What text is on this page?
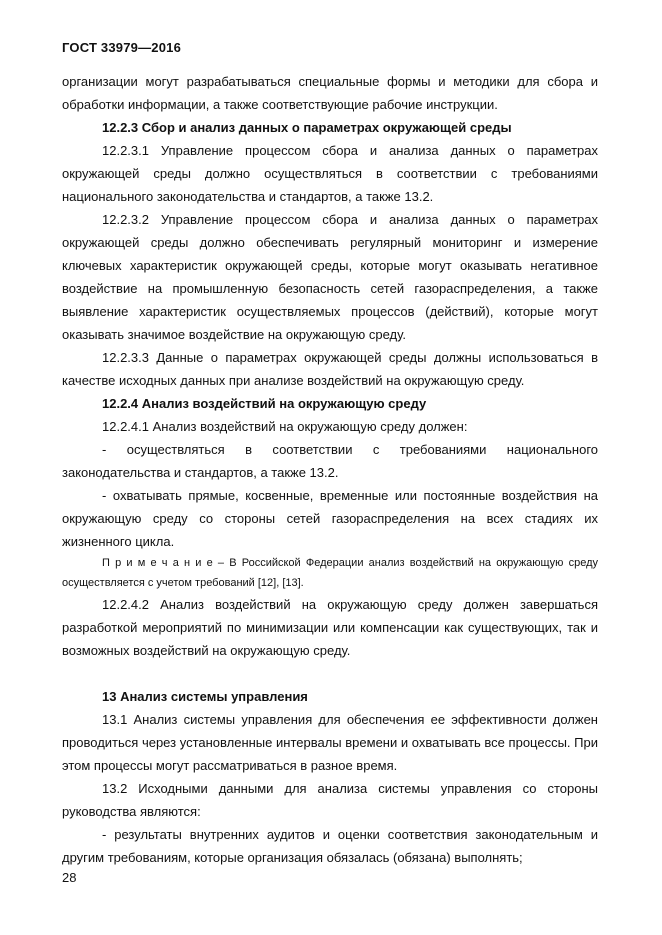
ГОСТ 33979—2016

организации могут разрабатываться специальные формы и методики для сбора и обработки информации, а также соответствующие рабочие инструкции.

12.2.3 Сбор и анализ данных о параметрах окружающей среды

12.2.3.1 Управление процессом сбора и анализа данных о параметрах окружающей среды должно осуществляться в соответствии с требованиями национального законодательства и стандартов, а также 13.2.

12.2.3.2 Управление процессом сбора и анализа данных о параметрах окружающей среды должно обеспечивать регулярный мониторинг и измерение ключевых характеристик окружающей среды, которые могут оказывать негативное воздействие на промышленную безопасность сетей газораспределения, а также выявление характеристик осуществляемых процессов (действий), которые могут оказывать значимое воздействие на окружающую среду.

12.2.3.3 Данные о параметрах окружающей среды должны использоваться в качестве исходных данных при анализе воздействий на окружающую среду.

12.2.4 Анализ воздействий на окружающую среду

12.2.4.1 Анализ воздействий на окружающую среду должен:

- осуществляться в соответствии с требованиями национального законодательства и стандартов, а также 13.2.

- охватывать прямые, косвенные, временные или постоянные воздействия на окружающую среду со стороны сетей газораспределения на всех стадиях их жизненного цикла.

П р и м е ч а н и е – В Российской Федерации анализ воздействий на окружающую среду осуществляется с учетом требований [12], [13].

12.2.4.2 Анализ воздействий на окружающую среду должен завершаться разработкой мероприятий по минимизации или компенсации как существующих, так и возможных воздействий на окружающую среду.

13 Анализ системы управления

13.1 Анализ системы управления для обеспечения ее эффективности должен проводиться через установленные интервалы времени и охватывать все процессы. При этом процессы могут рассматриваться в разное время.

13.2 Исходными данными для анализа системы управления со стороны руководства являются:

- результаты внутренних аудитов и оценки соответствия законодательным и другим требованиям, которые организация обязалась (обязана) выполнять;

28
